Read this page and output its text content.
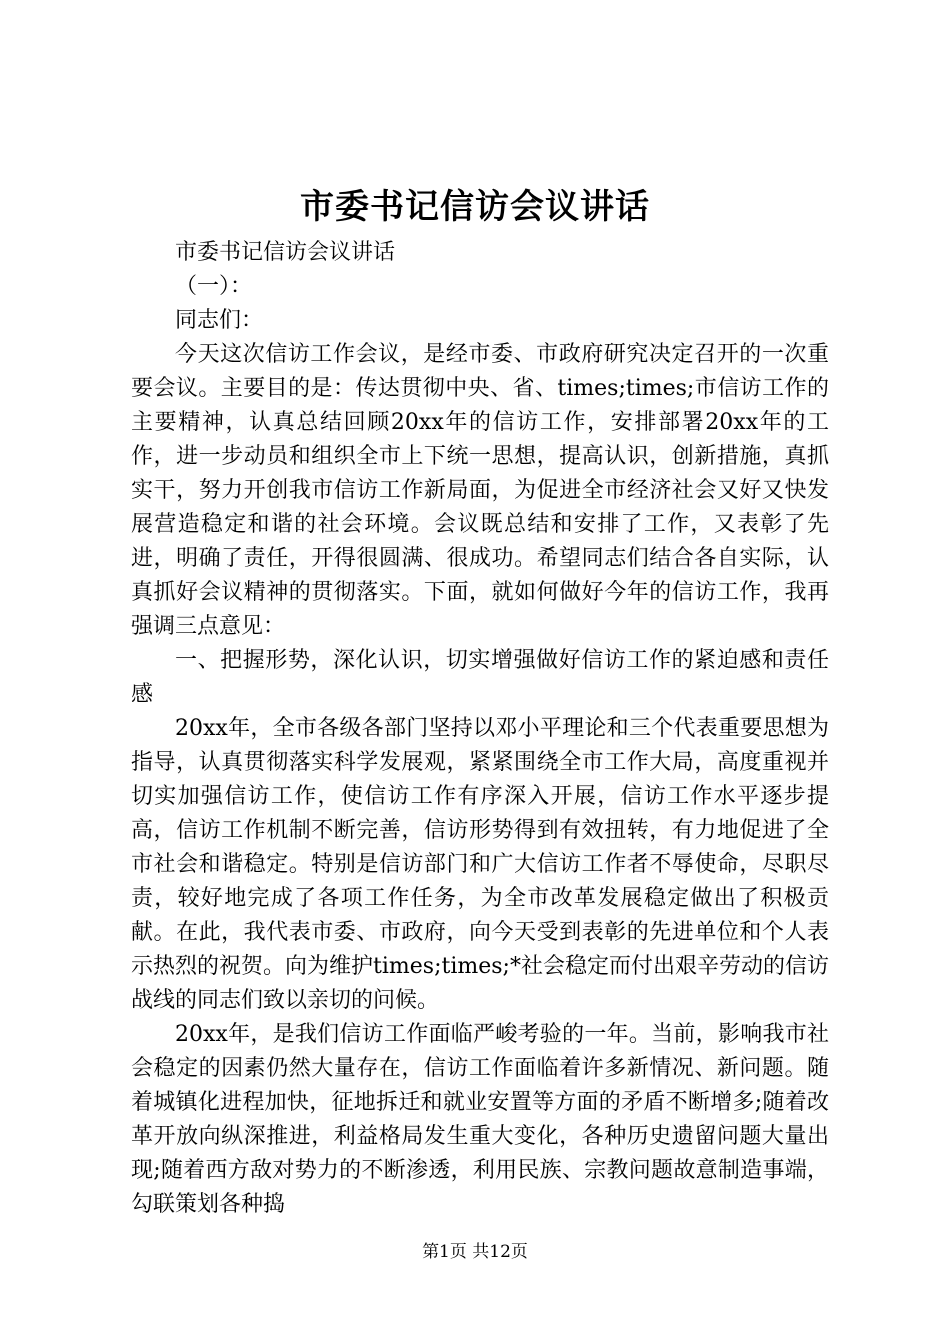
市委书记信访会议讲话

市委书记信访会议讲话

（一）：

同志们：

今天这次信访工作会议，是经市委、市政府研究决定召开的一次重要会议。主要目的是：传达贯彻中央、省、times;times;市信访工作的主要精神，认真总结回顾20xx年的信访工作，安排部署20xx年的工作，进一步动员和组织全市上下统一思想，提高认识，创新措施，真抓实干，努力开创我市信访工作新局面，为促进全市经济社会又好又快发展营造稳定和谐的社会环境。会议既总结和安排了工作，又表彰了先进，明确了责任，开得很圆满、很成功。希望同志们结合各自实际，认真抓好会议精神的贯彻落实。下面，就如何做好今年的信访工作，我再强调三点意见：

一、把握形势，深化认识，切实增强做好信访工作的紧迫感和责任感

20xx年，全市各级各部门坚持以邓小平理论和三个代表重要思想为指导，认真贯彻落实科学发展观，紧紧围绕全市工作大局，高度重视并切实加强信访工作，使信访工作有序深入开展，信访工作水平逐步提高，信访工作机制不断完善，信访形势得到有效扭转，有力地促进了全市社会和谐稳定。特别是信访部门和广大信访工作者不辱使命，尽职尽责，较好地完成了各项工作任务，为全市改革发展稳定做出了积极贡献。在此，我代表市委、市政府，向今天受到表彰的先进单位和个人表示热烈的祝贺。向为维护times;times;*社会稳定而付出艰辛劳动的信访战线的同志们致以亲切的问候。

20xx年，是我们信访工作面临严峻考验的一年。当前，影响我市社会稳定的因素仍然大量存在，信访工作面临着许多新情况、新问题。随着城镇化进程加快，征地拆迁和就业安置等方面的矛盾不断增多;随着改革开放向纵深推进，利益格局发生重大变化，各种历史遗留问题大量出现;随着西方敌对势力的不断渗透，利用民族、宗教问题故意制造事端，勾联策划各种捣

第1页 共12页
